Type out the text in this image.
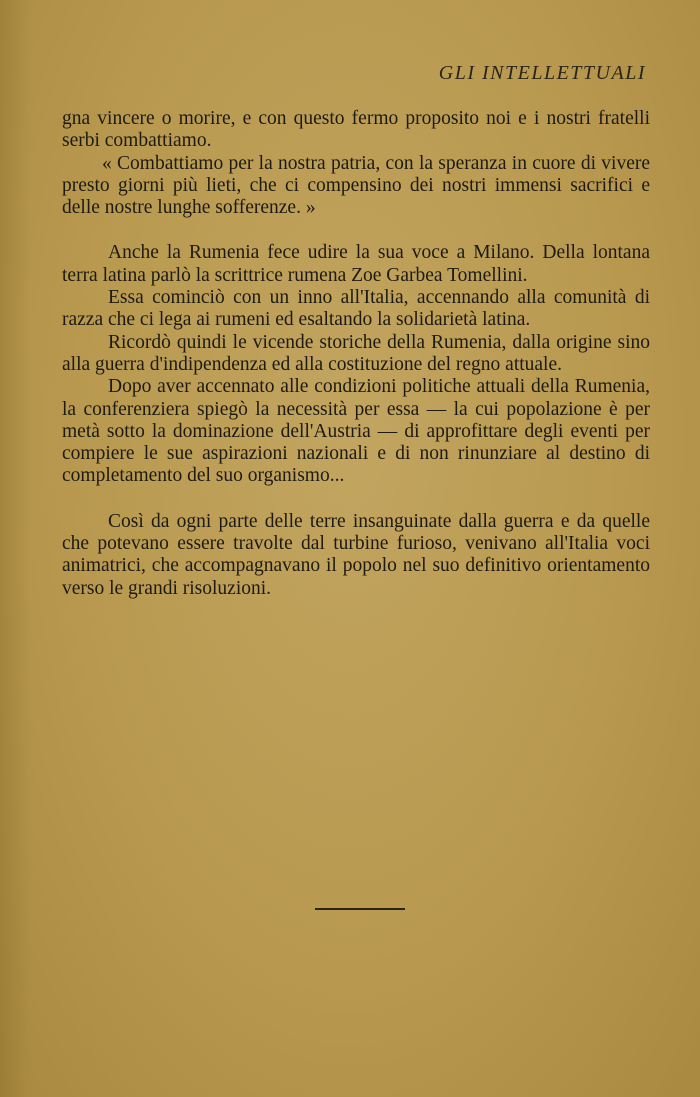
GLI INTELLETTUALI

gna vincere o morire, e con questo fermo proposito noi e i nostri fratelli serbi combattiamo.

« Combattiamo per la nostra patria, con la speranza in cuore di vivere presto giorni più lieti, che ci compensino dei nostri immensi sacrifici e delle nostre lunghe sofferenze. »

Anche la Rumenia fece udire la sua voce a Milano. Della lontana terra latina parlò la scrittrice rumena Zoe Garbea Tomellini.

Essa cominciò con un inno all'Italia, accennando alla comunità di razza che ci lega ai rumeni ed esaltando la solidarietà latina.

Ricordò quindi le vicende storiche della Rumenia, dalla origine sino alla guerra d'indipendenza ed alla costituzione del regno attuale.

Dopo aver accennato alle condizioni politiche attuali della Rumenia, la conferenziera spiegò la necessità per essa — la cui popolazione è per metà sotto la dominazione dell'Austria — di approfittare degli eventi per compiere le sue aspirazioni nazionali e di non rinunziare al destino di completamento del suo organismo...

Così da ogni parte delle terre insanguinate dalla guerra e da quelle che potevano essere travolte dal turbine furioso, venivano all'Italia voci animatrici, che accompagnavano il popolo nel suo definitivo orientamento verso le grandi risoluzioni.
